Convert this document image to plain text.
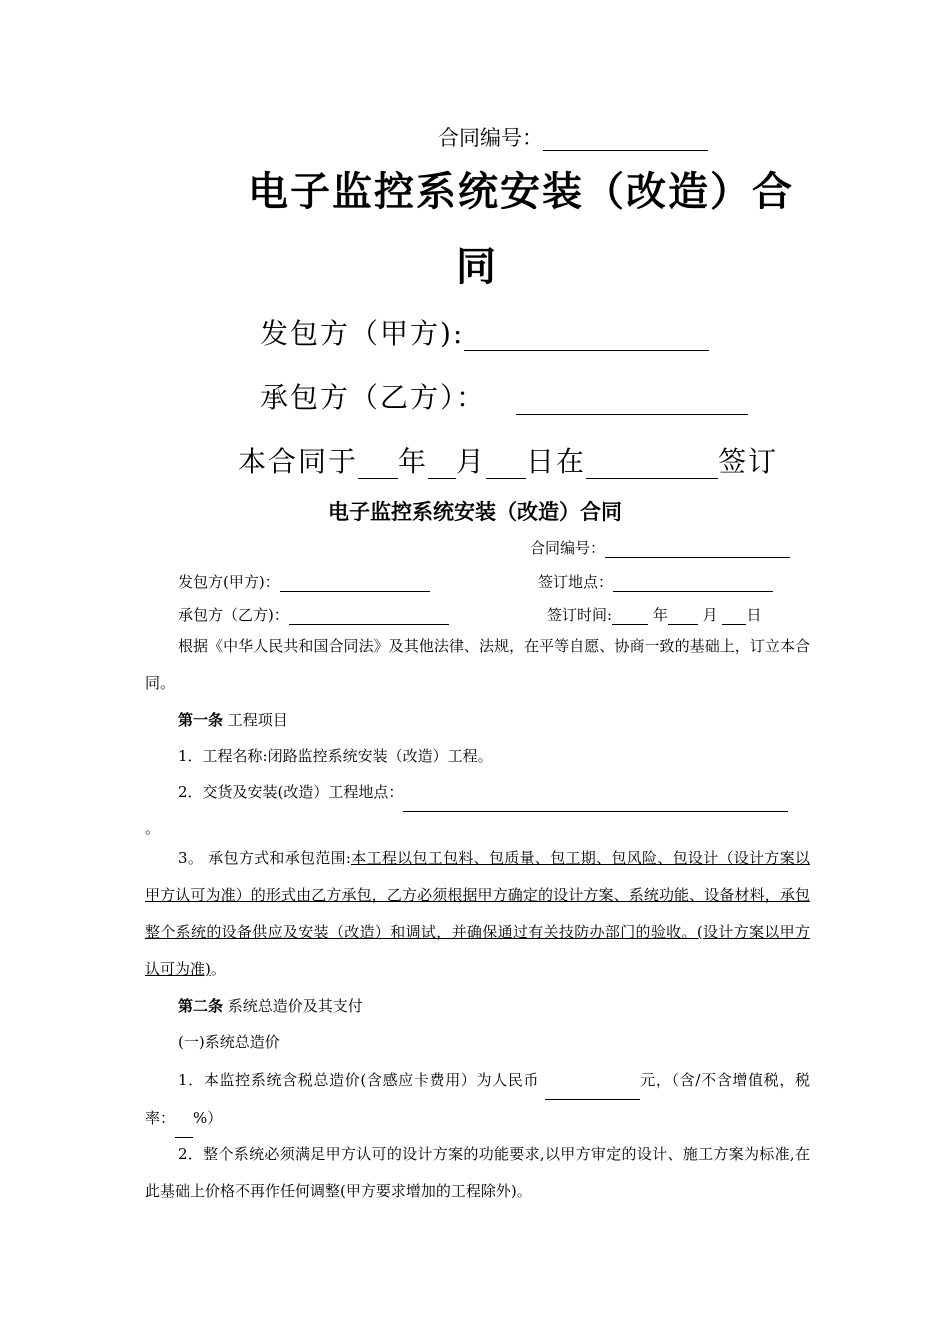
合同编号：
电子监控系统安装（改造）合
同
发包方（甲方):
承包方（乙方）：
本合同于 年 月 日在	签订
电子监控系统安装（改造）合同
合同编号：
发包方(甲方)：	签订地点：
承包方（乙方)：	签订时间:	年 月 日
根据《中华人民共和国合同法》及其他法律、法规，在平等自愿、协商一致的基础上，订立本合同。
第一条 工程项目
1．工程名称:闭路监控系统安装（改造）工程。
2．交货及安装(改造）工程地点：
。
3。 承包方式和承包范围:本工程以包工包料、包质量、包工期、包风险、包设计（设计方案以甲方认可为准）的形式由乙方承包，乙方必须根据甲方确定的设计方案、系统功能、设备材料，承包整个系统的设备供应及安装（改造）和调试，并确保通过有关技防办部门的验收。(设计方案以甲方认可为准)。
第二条 系统总造价及其支付
(一)系统总造价
1．本监控系统含税总造价(含感应卡费用）为人民币	元，（含/不含增值税，税率： %）
2．整个系统必须满足甲方认可的设计方案的功能要求,以甲方审定的设计、施工方案为标准,在此基础上价格不再作任何调整(甲方要求增加的工程除外)。
